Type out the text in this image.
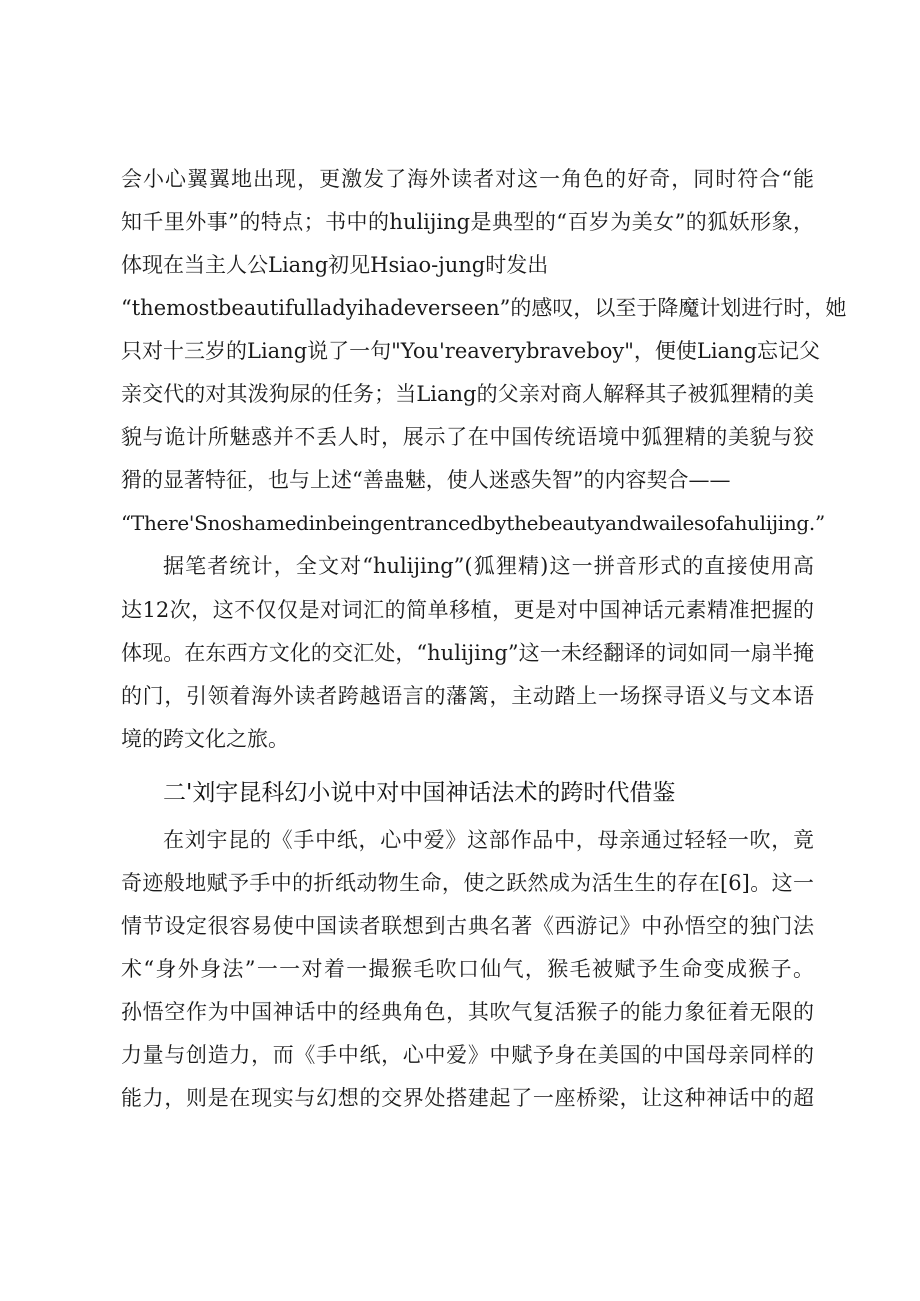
会小心翼翼地出现，更激发了海外读者对这一角色的好奇，同时符合“能
知千里外事”的特点；书中的hulijing是典型的“百岁为美女”的狐妖形象，
体现在当主人公Liang初见Hsiao-jung时发出
“themostbeautifulladyihadeverseen”的感叹，以至于降魔计划进行时，她
只对十三岁的Liang说了一句"You'reaverybraveboy"，便使Liang忘记父
亲交代的对其泼狗尿的任务；当Liang的父亲对商人解释其子被狐狸精的美
貌与诡计所魅惑并不丢人时，展示了在中国传统语境中狐狸精的美貌与狡
猾的显著特征，也与上述“善蛊魅，使人迷惑失智”的内容契合——
“There'Snoshamedinbeingentrancedbythebeautyandwailesofahulijing.”
据笔者统计，全文对“hulijing”(狐狸精)这一拼音形式的直接使用高
达12次，这不仅仅是对词汇的简单移植，更是对中国神话元素精准把握的
体现。在东西方文化的交汇处，“hulijing”这一未经翻译的词如同一扇半掩
的门，引领着海外读者跨越语言的藩篱，主动踏上一场探寻语义与文本语
境的跨文化之旅。
二'刘宇昆科幻小说中对中国神话法术的跨时代借鉴
在刘宇昆的《手中纸，心中爱》这部作品中，母亲通过轻轻一吹，竟
奇迹般地赋予手中的折纸动物生命，使之跃然成为活生生的存在[6]。这一
情节设定很容易使中国读者联想到古典名著《西游记》中孙悟空的独门法
术“身外身法”一一对着一撮猴毛吹口仙气，猴毛被赋予生命变成猴子。
孙悟空作为中国神话中的经典角色，其吹气复活猴子的能力象征着无限的
力量与创造力，而《手中纸，心中爱》中赋予身在美国的中国母亲同样的
能力，则是在现实与幻想的交界处搭建起了一座桥梁，让这种神话中的超
